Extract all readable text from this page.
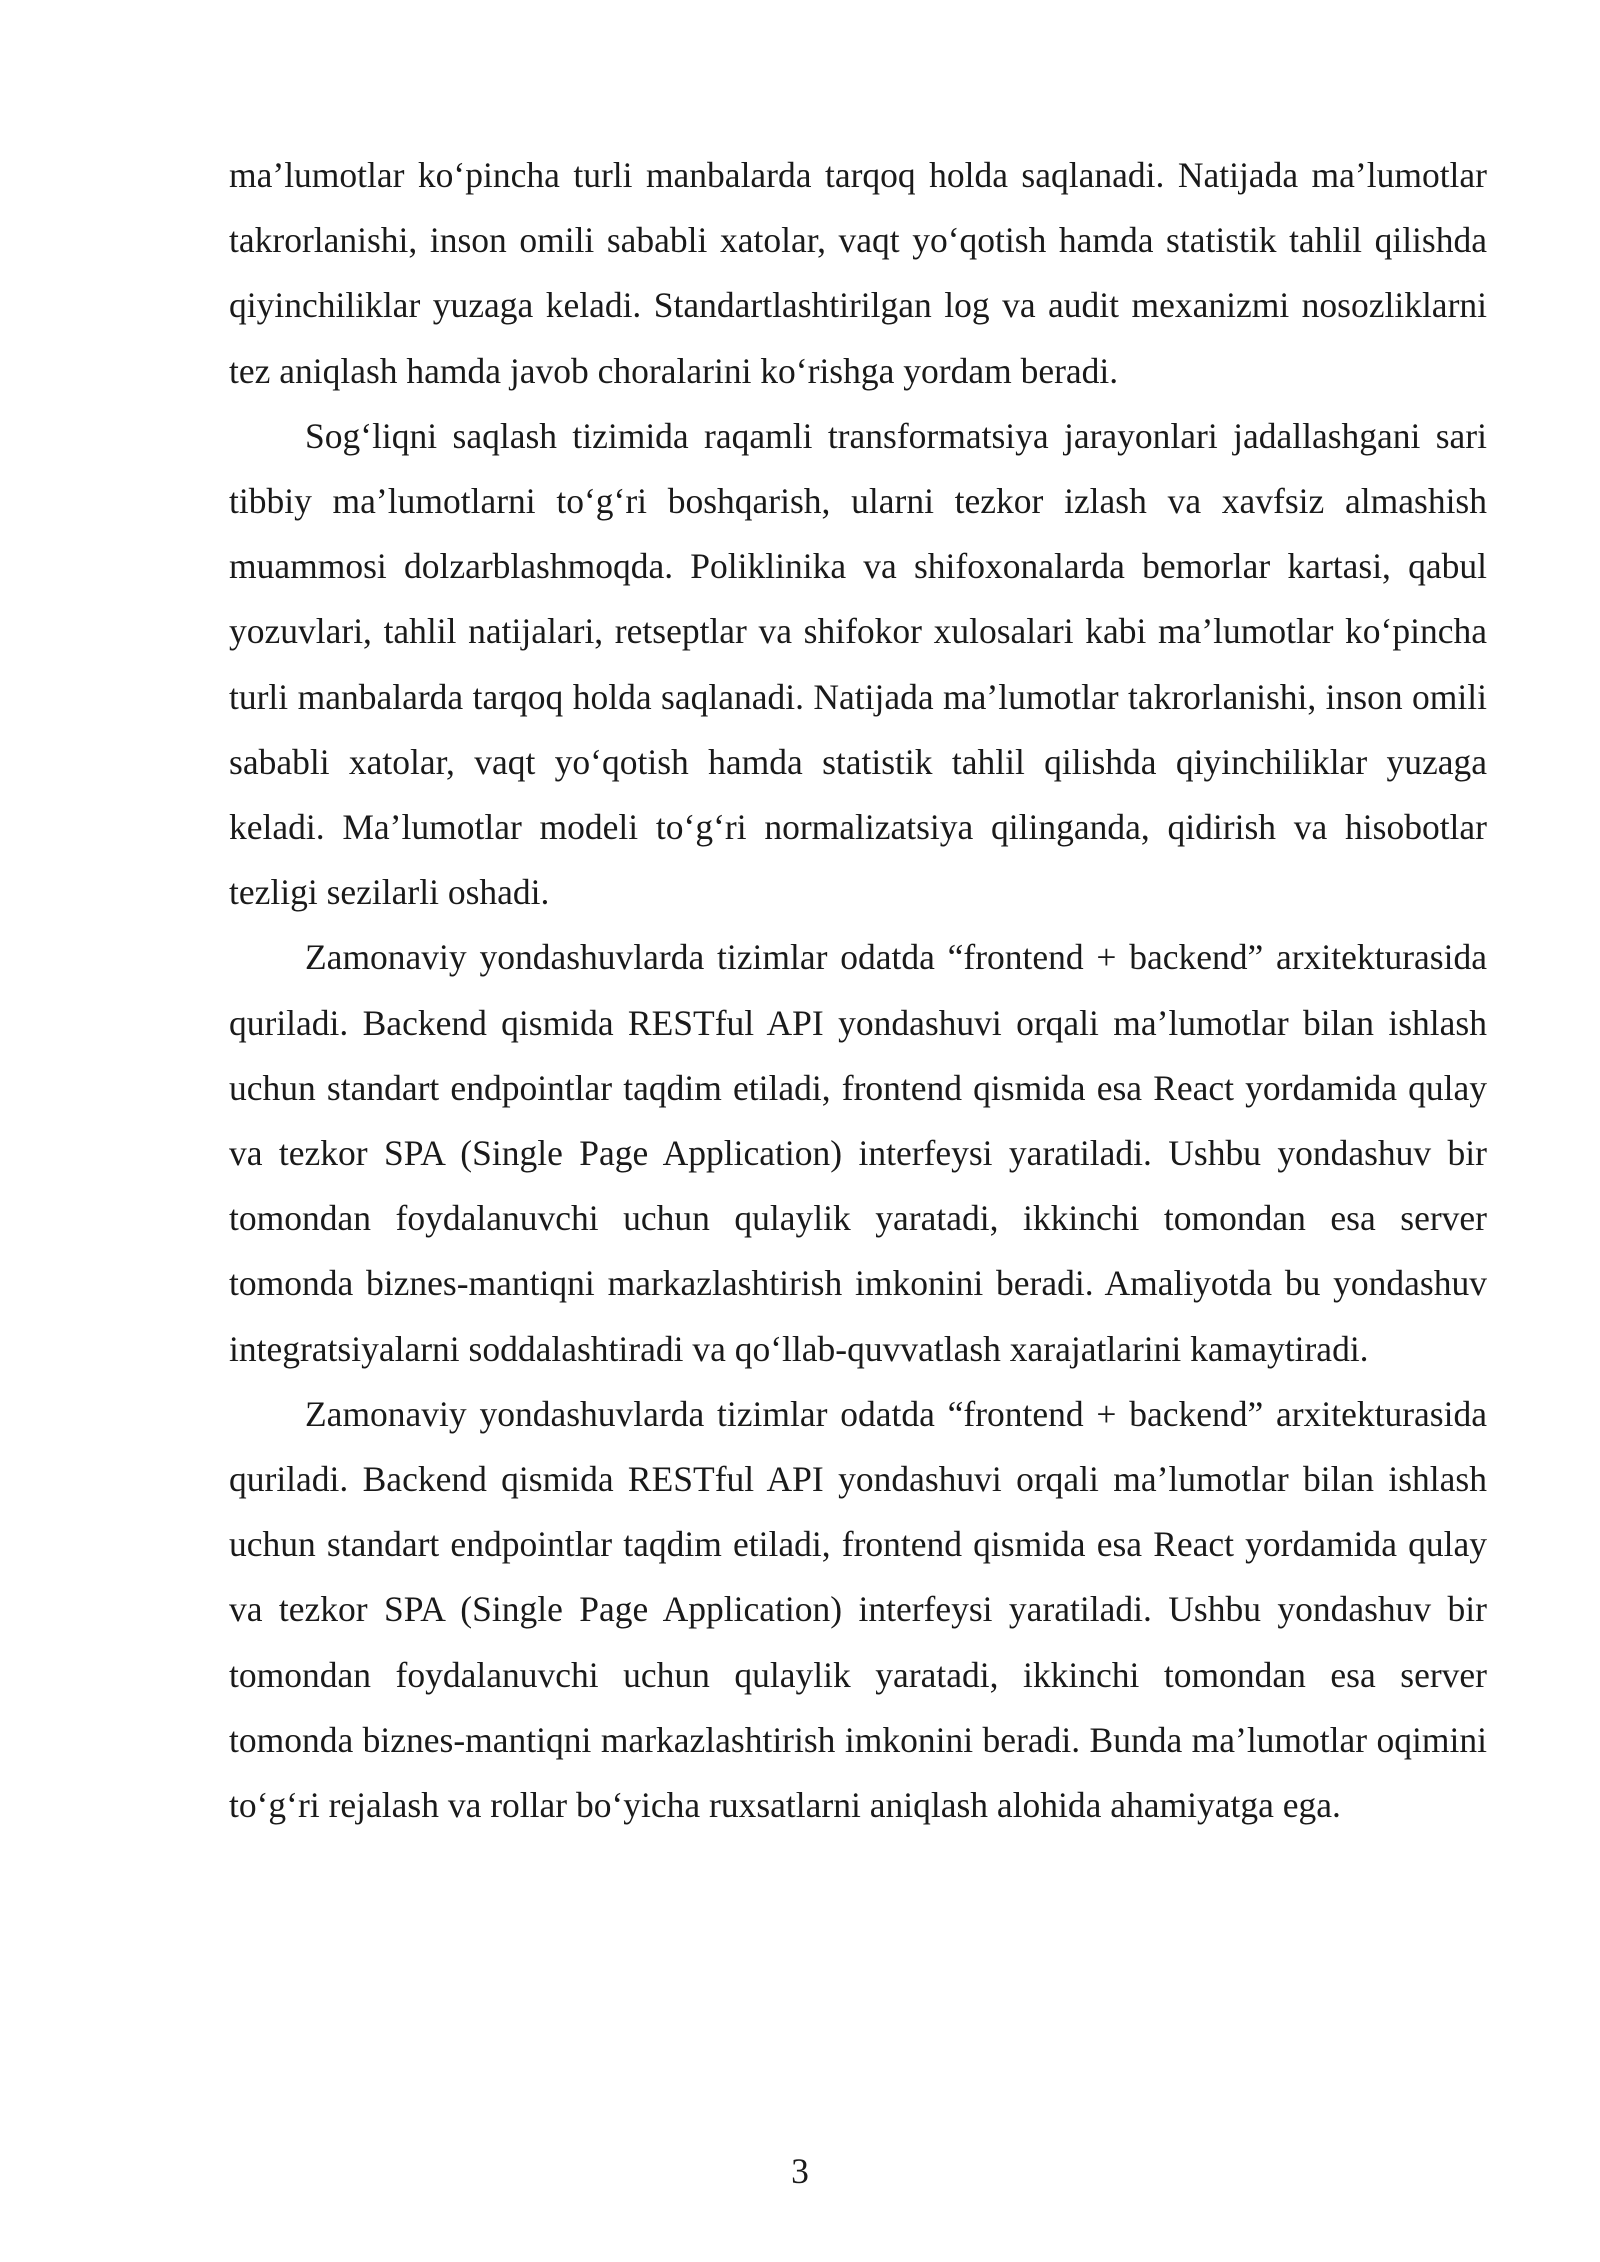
ma’lumotlar ko‘pincha turli manbalarda tarqoq holda saqlanadi. Natijada ma’lumotlar takrorlanishi, inson omili sababli xatolar, vaqt yo‘qotish hamda statistik tahlil qilishda qiyinchiliklar yuzaga keladi. Standartlashtirilgan log va audit mexanizmi nosozliklarni tez aniqlash hamda javob choralarini ko‘rishga yordam beradi.

Sog‘liqni saqlash tizimida raqamli transformatsiya jarayonlari jadallashgani sari tibbiy ma’lumotlarni to‘g‘ri boshqarish, ularni tezkor izlash va xavfsiz almashish muammosi dolzarblashmoqda. Poliklinika va shifoxonalarda bemorlar kartasi, qabul yozuvlari, tahlil natijalari, retseptlar va shifokor xulosalari kabi ma’lumotlar ko‘pincha turli manbalarda tarqoq holda saqlanadi. Natijada ma’lumotlar takrorlanishi, inson omili sababli xatolar, vaqt yo‘qotish hamda statistik tahlil qilishda qiyinchiliklar yuzaga keladi. Ma’lumotlar modeli to‘g‘ri normalizatsiya qilinganda, qidirish va hisobotlar tezligi sezilarli oshadi.

Zamonaviy yondashuvlarda tizimlar odatda “frontend + backend” arxitekturasida quriladi. Backend qismida RESTful API yondashuvi orqali ma’lumotlar bilan ishlash uchun standart endpointlar taqdim etiladi, frontend qismida esa React yordamida qulay va tezkor SPA (Single Page Application) interfeysi yaratiladi. Ushbu yondashuv bir tomondan foydalanuvchi uchun qulaylik yaratadi, ikkinchi tomondan esa server tomonda biznes-mantiqni markazlashtirish imkonini beradi. Amaliyotda bu yondashuv integratsiyalarni soddalashtiradi va qo‘llab-quvvatlash xarajatlarini kamaytiradi.

Zamonaviy yondashuvlarda tizimlar odatda “frontend + backend” arxitekturasida quriladi. Backend qismida RESTful API yondashuvi orqali ma’lumotlar bilan ishlash uchun standart endpointlar taqdim etiladi, frontend qismida esa React yordamida qulay va tezkor SPA (Single Page Application) interfeysi yaratiladi. Ushbu yondashuv bir tomondan foydalanuvchi uchun qulaylik yaratadi, ikkinchi tomondan esa server tomonda biznes-mantiqni markazlashtirish imkonini beradi. Bunda ma’lumotlar oqimini to‘g‘ri rejalash va rollar bo‘yicha ruxsatlarni aniqlash alohida ahamiyatga ega.

3
